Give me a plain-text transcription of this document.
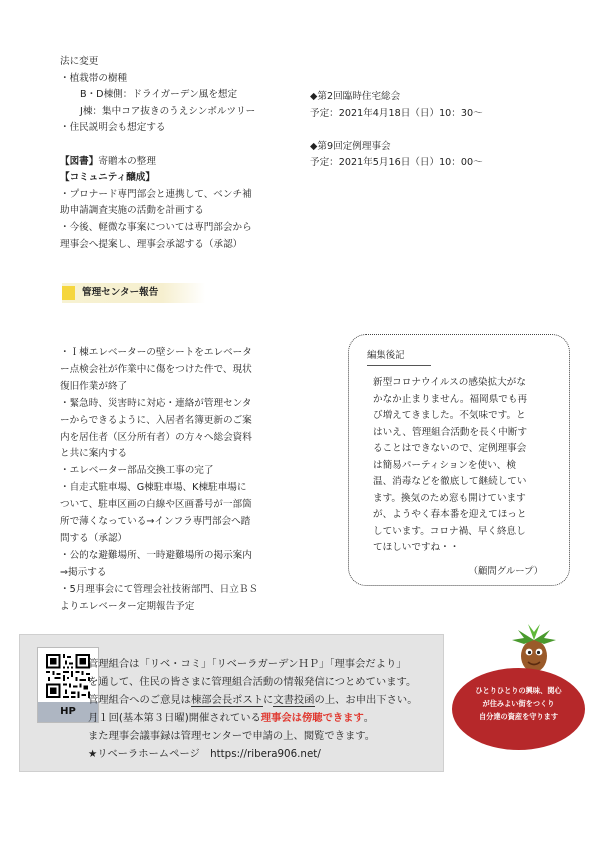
法に変更
・植栽帯の樹種
B・D棟側：ドライガーデン風を想定
J棟：集中コア抜きのうえシンボルツリー
・住民説明会も想定する

【図書】寄贈本の整理
【コミュニティ醸成】
・プロナード専門部会と連携して、ベンチ補
助申請調査実施の活動を計画する
・今後、軽微な事案については専門部会から
理事会へ提案し、理事会承認する（承認）
◆第2回臨時住宅総会
予定：2021年4月18日（日）10：30～

◆第9回定例理事会
予定：2021年5月16日（日）10：00～
管理センター報告
・Ｉ棟エレベーターの壁シートをエレベータ
ー点検会社が作業中に傷をつけた件で、現状
復旧作業が終了
・緊急時、災害時に対応・連絡が管理センタ
ーからできるように、入居者名簿更新のご案
内を居住者（区分所有者）の方々へ総会資料
と共に案内する
・エレベーター部品交換工事の完了
・自走式駐車場、G棟駐車場、K棟駐車場に
ついて、駐車区画の白線や区画番号が一部箇
所で薄くなっている→インフラ専門部会へ踏
問する（承認）
・公的な避難場所、一時避難場所の掲示案内
⇒掲示する
・5月理事会にて管理会社技術部門、日立ＢＳ
よりエレベーター定期報告予定
編集後記
新型コロナウイルスの感染拡大がな
かなか止まりません。福岡県でも再
び増えてきました。不気味です。と
はいえ、管理組合活動を長く中断す
ることはできないので、定例理事会
は簡易パーティションを使い、検
温、消毒などを徹底して継続してい
ます。換気のため窓も開けています
が、ようやく春本番を迎えてほっと
しています。コロナ禍、早く終息し
てほしいですね・・
（顧問グループ）
HP
管理組合は「リベ・コミ」「リベーラガーデンＨＰ」「理事会だより」
を通して、住民の皆さまに管理組合活動の情報発信につとめています。
管理組合へのご意見は棟部会長ポストに文書投函の上、お申出下さい。
月１回(基本第３日曜)開催されている理事会は傍聴できます。
また理事会議事録は管理センターで申請の上、閲覧できます。
★リベーラホームページ　https://ribera906.net/
ひとりひとりの興味、関心
が住みよい街をつくり
自分達の資産を守ります
